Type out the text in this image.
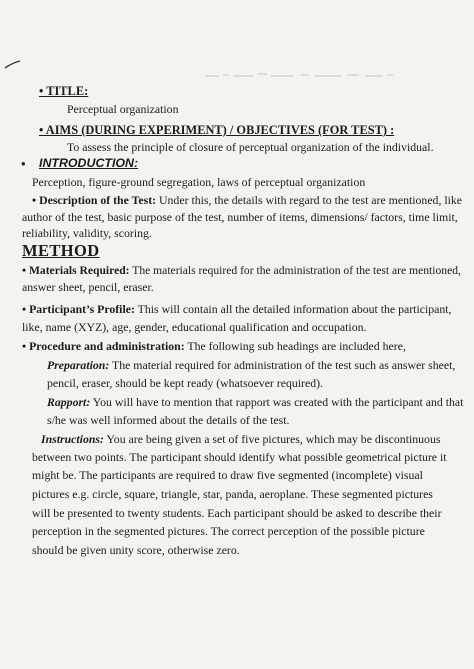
• TITLE:
Perceptual organization
• AIMS (DURING EXPERIMENT) / OBJECTIVES (FOR TEST) :
To assess the principle of closure of perceptual organization of the individual.
• INTRODUCTION:
Perception, figure-ground segregation, laws of perceptual organization
• Description of the Test: Under this, the details with regard to the test are mentioned, like
author of the test, basic purpose of the test, number of items, dimensions/ factors, time limit,
reliability, validity, scoring.
METHOD
• Materials Required: The materials required for the administration of the test are mentioned,
answer sheet, pencil, eraser.
• Participant’s Profile: This will contain all the detailed information about the participant,
like, name (XYZ), age, gender, educational qualification and occupation.
• Procedure and administration: The following sub headings are included here,
Preparation: The material required for administration of the test such as answer sheet,
pencil, eraser, should be kept ready (whatsoever required).
Rapport: You will have to mention that rapport was created with the participant and that
s/he was well informed about the details of the test.
Instructions: You are being given a set of five pictures, which may be discontinuous
between two points. The participant should identify what possible geometrical picture it
might be. The participants are required to draw five segmented (incomplete) visual
pictures e.g. circle, square, triangle, star, panda, aeroplane. These segmented pictures
will be presented to twenty students. Each participant should be asked to describe their
perception in the segmented pictures. The correct perception of the possible picture
should be given unity score, otherwise zero.
